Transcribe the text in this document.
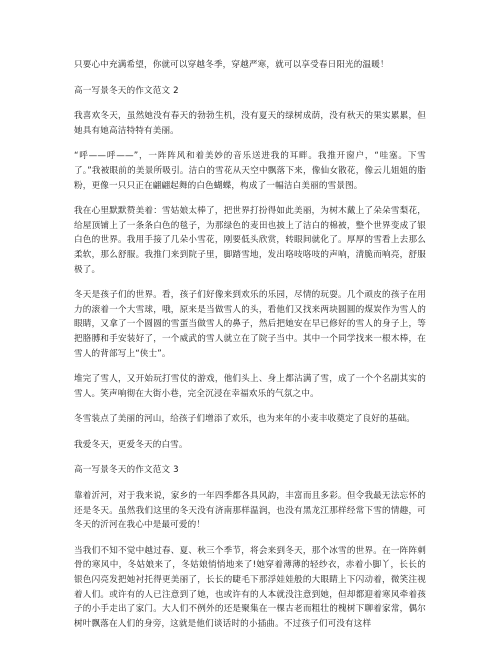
只要心中充满希望，你就可以穿越冬季，穿越严寒，就可以享受春日阳光的温暖！

高一写景冬天的作文范文 2

我喜欢冬天，虽然她没有春天的勃勃生机，没有夏天的绿树成荫，没有秋天的果实累累，但她具有她高洁特特有美丽。

“呼——呼——”，一阵阵风和着美妙的音乐送进我的耳畔。我推开窗户，“哇塞。下雪了。”我被眼前的美景所吸引。洁白的雪花从天空中飘落下来，像仙女散花，像云儿姐姐的脂粉，更像一只只正在翩翩起舞的白色蝴蝶，构成了一幅洁白美丽的雪景图。

我在心里默默赞美着：雪姑娘太棒了，把世界打扮得如此美丽，为树木戴上了朵朵雪梨花，给屋顶铺上了一条条白色的毯子，为那绿色的麦田也披上了洁白的棉被，整个世界变成了银白色的世界。我用手接了几朵小雪花，刚要低头欣赏，转眼间就化了。厚厚的雪看上去那么柔软，那么舒服。我推门来到院子里，脚踏雪地，发出咯吱咯吱的声响，清脆而响亮，舒服极了。

冬天是孩子们的世界。看，孩子们好像来到欢乐的乐园，尽情的玩耍。几个顽皮的孩子在用力的滚着一个大雪球，哦，原来是当做雪人的头，看他们又找来两块圆圆的煤炭作为雪人的眼睛，又拿了一个圆圆的雪蛋当做雪人的鼻子，然后把她安在早已修好的雪人的身子上，等把胳膊和手安装好了，一个威武的雪人就立在了院子当中。其中一个同学找来一根木棒，在雪人的背部写上“侠士”。

堆完了雪人，又开始玩打雪仗的游戏，他们头上、身上都沾满了雪，成了一个个名副其实的雪人。笑声响彻在大街小巷，完全沉浸在幸福欢乐的气氛之中。

冬雪装点了美丽的河山，给孩子们增添了欢乐，也为来年的小麦丰收奠定了良好的基础。

我爱冬天，更爱冬天的白雪。

高一写景冬天的作文范文 3

靠着沂河，对于我来说，家乡的一年四季都各具风韵，丰富而且多彩。但令我最无法忘怀的还是冬天。虽然我们这里的冬天没有济南那样温润，也没有黑龙江那样经常下雪的情趣，可冬天的沂河在我心中是最可爱的！

当我们不知不觉中越过春、夏、秋三个季节，将会来到冬天，那个冰雪的世界。在一阵阵刺骨的寒风中，冬姑娘来了，冬姑娘悄悄地来了!她穿着薄薄的轻纱衣，赤着小脚丫，长长的银色闪亮发把她衬托得更美丽了，长长的睫毛下那浮娃娃般的大眼睛上下闪动着，微笑注视着人们。或许有的人已注意到了她，也或许有的人本就没注意到她，但却都迎着寒风牵着孩子的小手走出了家门。大人们不例外的还是聚集在一棵古老而粗壮的槐树下聊着家常，偶尔树叶飘落在人们的身旁，这就是他们谈话时的小插曲。不过孩子们可没有这样
